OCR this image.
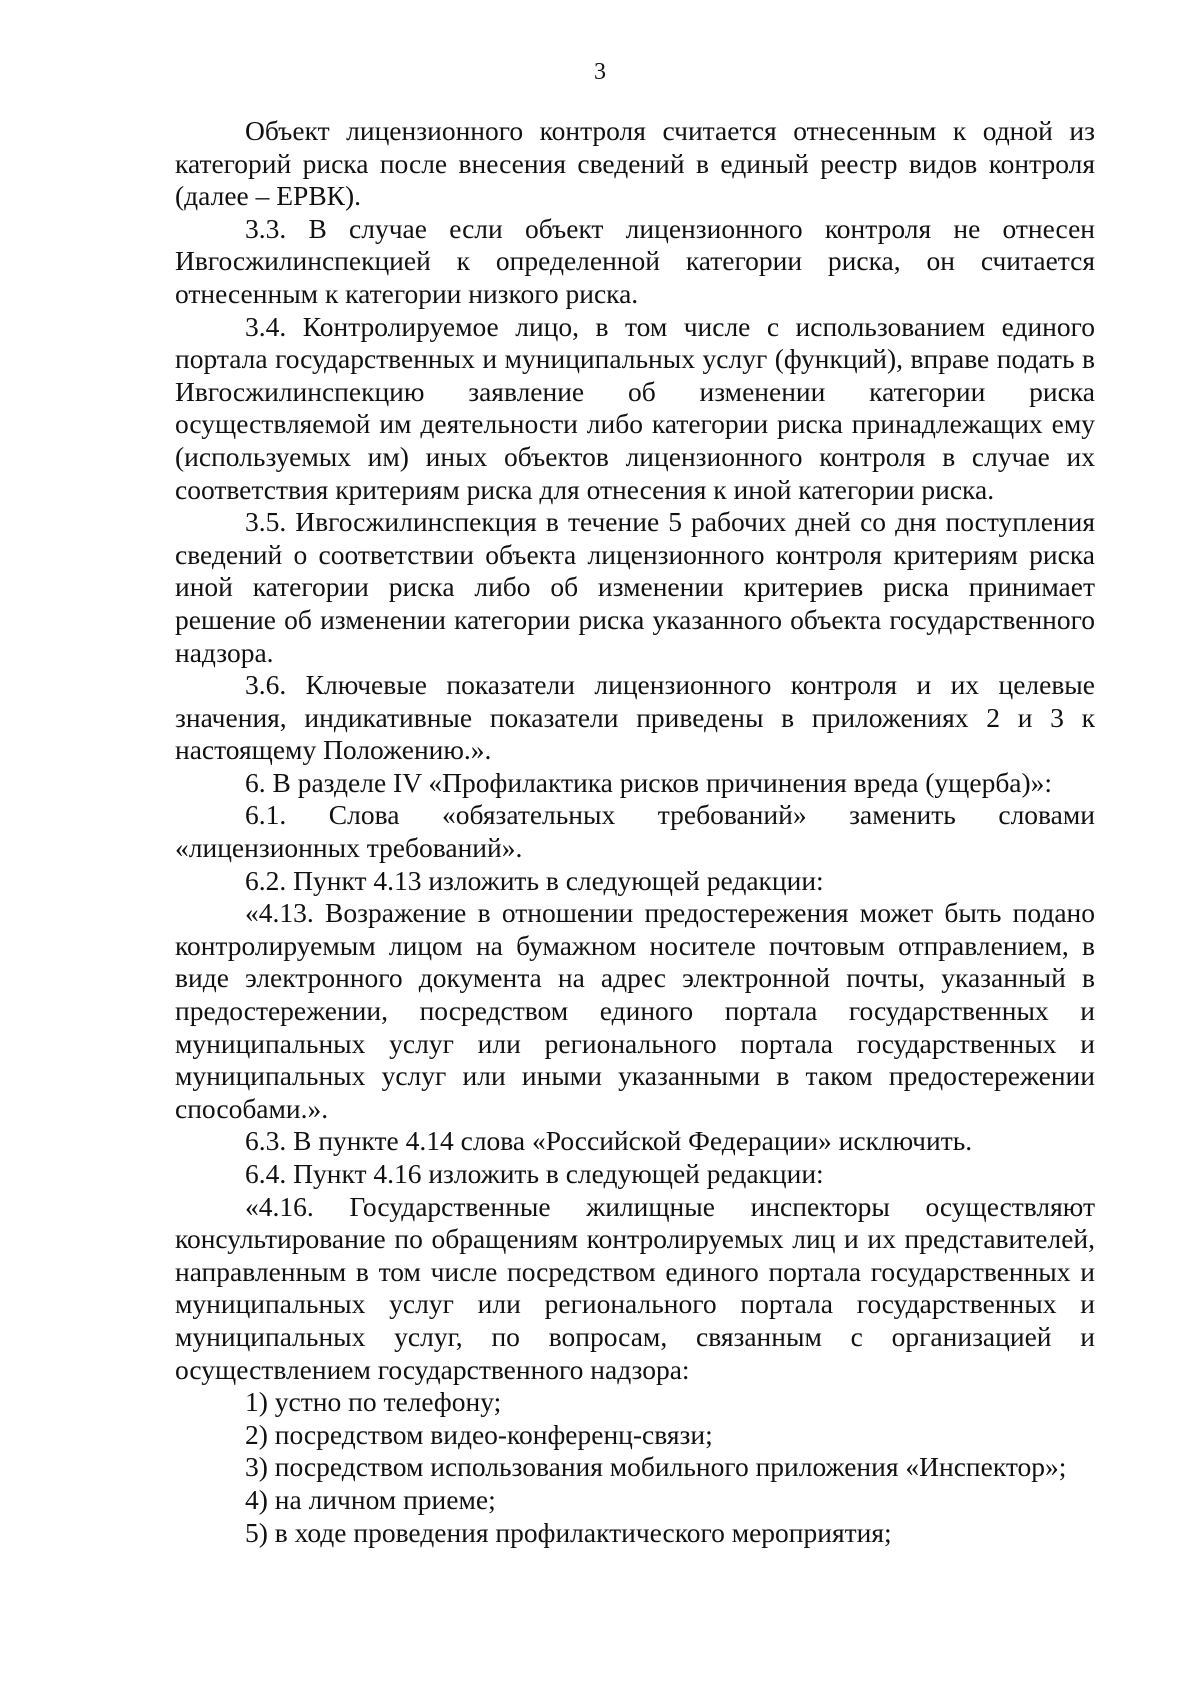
3

Объект лицензионного контроля считается отнесенным к одной из категорий риска после внесения сведений в единый реестр видов контроля (далее – ЕРВК).

3.3. В случае если объект лицензионного контроля не отнесен Ивгосжилинспекцией к определенной категории риска, он считается отнесенным к категории низкого риска.

3.4. Контролируемое лицо, в том числе с использованием единого портала государственных и муниципальных услуг (функций), вправе подать в Ивгосжилинспекцию заявление об изменении категории риска осуществляемой им деятельности либо категории риска принадлежащих ему (используемых им) иных объектов лицензионного контроля в случае их соответствия критериям риска для отнесения к иной категории риска.

3.5. Ивгосжилинспекция в течение 5 рабочих дней со дня поступления сведений о соответствии объекта лицензионного контроля критериям риска иной категории риска либо об изменении критериев риска принимает решение об изменении категории риска указанного объекта государственного надзора.

3.6. Ключевые показатели лицензионного контроля и их целевые значения, индикативные показатели приведены в приложениях 2 и 3 к настоящему Положению.».

6. В разделе IV «Профилактика рисков причинения вреда (ущерба)»:

6.1. Слова «обязательных требований» заменить словами «лицензионных требований».

6.2. Пункт 4.13 изложить в следующей редакции:

«4.13. Возражение в отношении предостережения может быть подано контролируемым лицом на бумажном носителе почтовым отправлением, в виде электронного документа на адрес электронной почты, указанный в предостережении, посредством единого портала государственных и муниципальных услуг или регионального портала государственных и муниципальных услуг или иными указанными в таком предостережении способами.».

6.3. В пункте 4.14 слова «Российской Федерации» исключить.

6.4. Пункт 4.16 изложить в следующей редакции:

«4.16. Государственные жилищные инспекторы осуществляют консультирование по обращениям контролируемых лиц и их представителей, направленным в том числе посредством единого портала государственных и муниципальных услуг или регионального портала государственных и муниципальных услуг, по вопросам, связанным с организацией и осуществлением государственного надзора:

1) устно по телефону;

2) посредством видео-конференц-связи;

3) посредством использования мобильного приложения «Инспектор»;

4) на личном приеме;

5) в ходе проведения профилактического мероприятия;
